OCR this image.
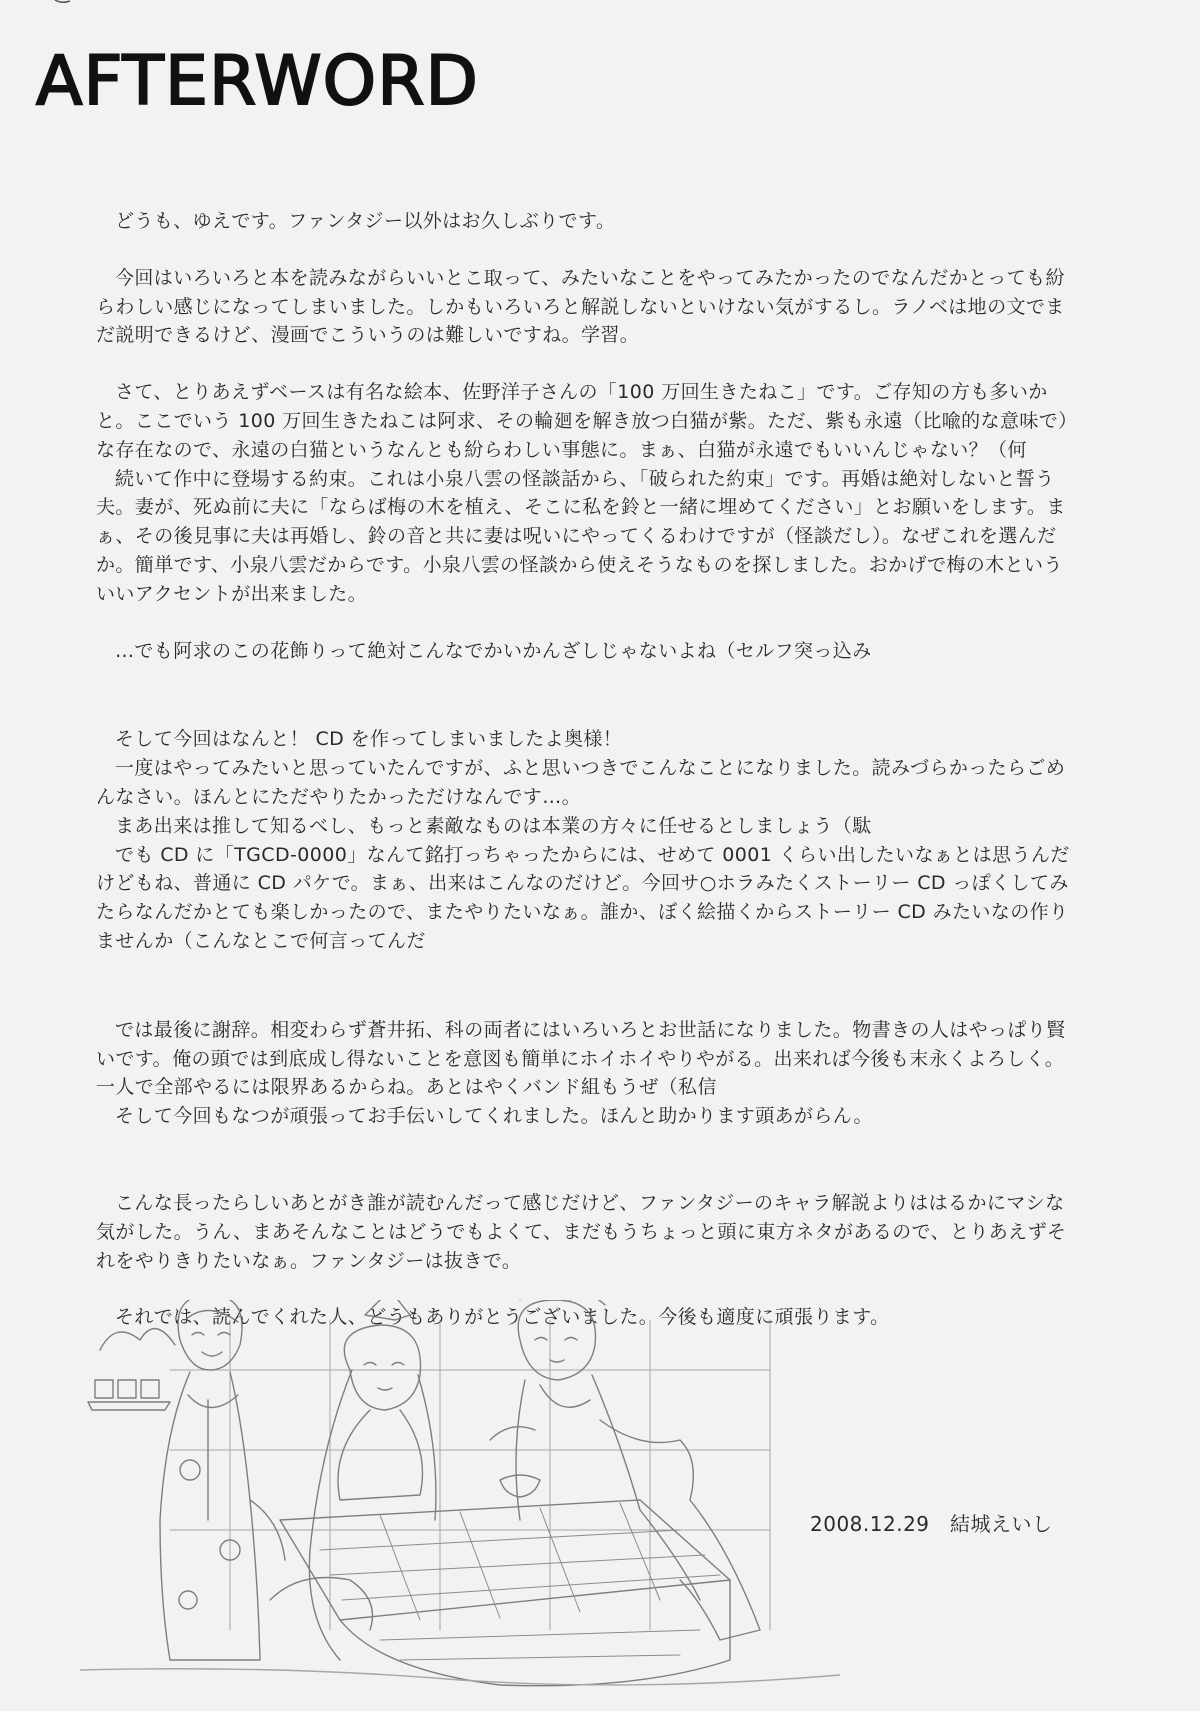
AFTERWORD

どうも、ゆえです。ファンタジー以外はお久しぶりです。

今回はいろいろと本を読みながらいいとこ取って、みたいなことをやってみたかったのでなんだかとっても紛らわしい感じになってしまいました。しかもいろいろと解説しないといけない気がするし。ラノベは地の文でまだ説明できるけど、漫画でこういうのは難しいですね。学習。

さて、とりあえずベースは有名な絵本、佐野洋子さんの「100 万回生きたねこ」です。ご存知の方も多いかと。ここでいう 100 万回生きたねこは阿求、その輪廻を解き放つ白猫が紫。ただ、紫も永遠（比喩的な意味で）な存在なので、永遠の白猫というなんとも紛らわしい事態に。まぁ、白猫が永遠でもいいんじゃない？（何

続いて作中に登場する約束。これは小泉八雲の怪談話から、「破られた約束」です。再婚は絶対しないと誓う夫。妻が、死ぬ前に夫に「ならば梅の木を植え、そこに私を鈴と一緒に埋めてください」とお願いをします。まぁ、その後見事に夫は再婚し、鈴の音と共に妻は呪いにやってくるわけですが（怪談だし）。なぜこれを選んだか。簡単です、小泉八雲だからです。小泉八雲の怪談から使えそうなものを探しました。おかげで梅の木といういいアクセントが出来ました。

…でも阿求のこの花飾りって絶対こんなでかいかんざしじゃないよね（セルフ突っ込み

そして今回はなんと！ CD を作ってしまいましたよ奥様！

一度はやってみたいと思っていたんですが、ふと思いつきでこんなことになりました。読みづらかったらごめんなさい。ほんとにただやりたかっただけなんです…。

まあ出来は推して知るべし、もっと素敵なものは本業の方々に任せるとしましょう（駄

でも CD に「TGCD-0000」なんて銘打っちゃったからには、せめて 0001 くらい出したいなぁとは思うんだけどもね、普通に CD パケで。まぁ、出来はこんなのだけど。今回サ○ホラみたくストーリー CD っぽくしてみたらなんだかとても楽しかったので、またやりたいなぁ。誰か、ぼく絵描くからストーリー CD みたいなの作りませんか（こんなとこで何言ってんだ

では最後に謝辞。相変わらず蒼井拓、科の両者にはいろいろとお世話になりました。物書きの人はやっぱり賢いです。俺の頭では到底成し得ないことを意図も簡単にホイホイやりやがる。出来れば今後も末永くよろしく。一人で全部やるには限界あるからね。あとはやくバンド組もうぜ（私信

そして今回もなつが頑張ってお手伝いしてくれました。ほんと助かります頭あがらん。

こんな長ったらしいあとがき誰が読むんだって感じだけど、ファンタジーのキャラ解説よりははるかにマシな気がした。うん、まあそんなことはどうでもよくて、まだもうちょっと頭に東方ネタがあるので、とりあえずそれをやりきりたいなぁ。ファンタジーは抜きで。

それでは、読んでくれた人、どうもありがとうございました。今後も適度に頑張ります。

2008.12.29　結城えいし
